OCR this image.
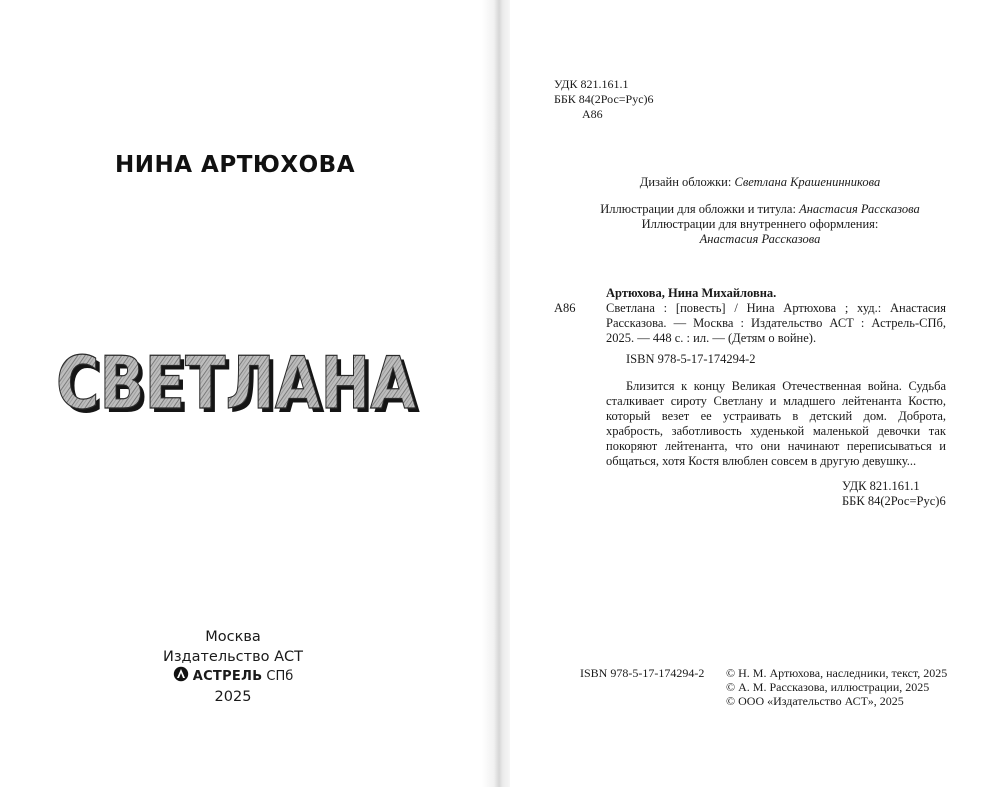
НИНА АРТЮХОВА
СВЕТЛАНА
СВЕТЛАНА
Москва
Издательство АСТ
АСТРЕЛЬ СПб
2025
УДК 821.161.1
ББК 84(2Рос=Рус)6
А86
Дизайн обложки: Светлана Крашенинникова
Иллюстрации для обложки и титула: Анастасия Рассказова
Иллюстрации для внутреннего оформления:
Анастасия Рассказова
Артюхова, Нина Михайловна.
А86	Светлана : [повесть] / Нина Артюхова ; худ.: Анастасия Рассказова. — Москва : Издательство АСТ : Астрель-СПб, 2025. — 448 с. : ил. — (Детям о войне).
ISBN 978-5-17-174294-2
Близится к концу Великая Отечественная война. Судьба сталкивает сироту Светлану и младшего лейтенанта Костю, который везет ее устраивать в детский дом. Доброта, храбрость, заботливость худенькой маленькой девочки так покоряют лейтенанта, что они начинают переписываться и общаться, хотя Костя влюблен совсем в другую девушку...
УДК 821.161.1
ББК 84(2Рос=Рус)6
ISBN 978-5-17-174294-2	© Н. М. Артюхова, наследники, текст, 2025
© А. М. Рассказова, иллюстрации, 2025
© ООО «Издательство АСТ», 2025
